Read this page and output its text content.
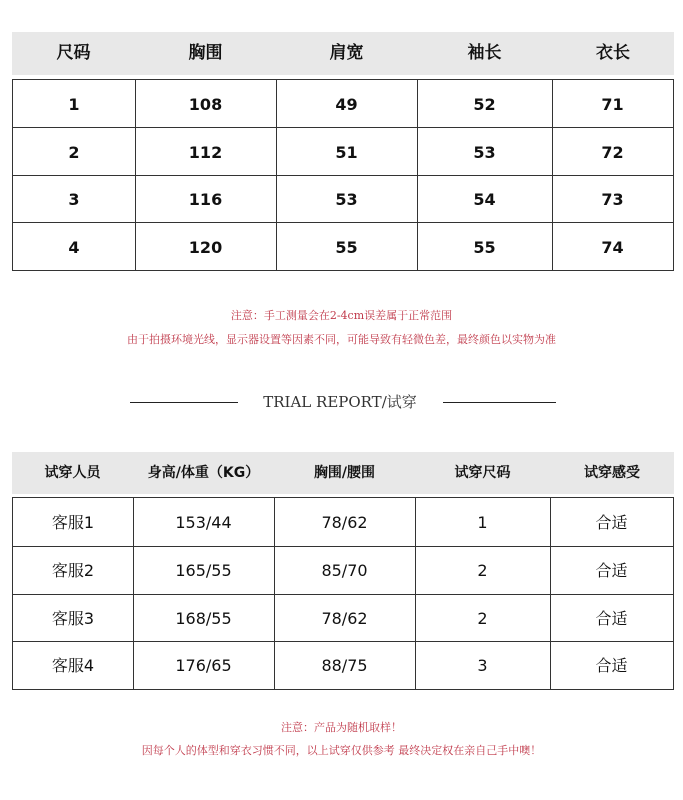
尺码	胸围	肩宽	袖长	衣长
1	108	49	52	71
2	112	51	53	72
3	116	53	54	73
4	120	55	55	74
注意：手工测量会在2-4cm误差属于正常范围
由于拍摄环境光线，显示器设置等因素不同，可能导致有轻微色差，最终颜色以实物为准
TRIAL REPORT/试穿
试穿人员	身高/体重（KG）	胸围/腰围	试穿尺码	试穿感受
客服1	153/44	78/62	1	合适
客服2	165/55	85/70	2	合适
客服3	168/55	78/62	2	合适
客服4	176/65	88/75	3	合适
注意：产品为随机取样！
因每个人的体型和穿衣习惯不同，以上试穿仅供参考 最终决定权在亲自己手中噢！
